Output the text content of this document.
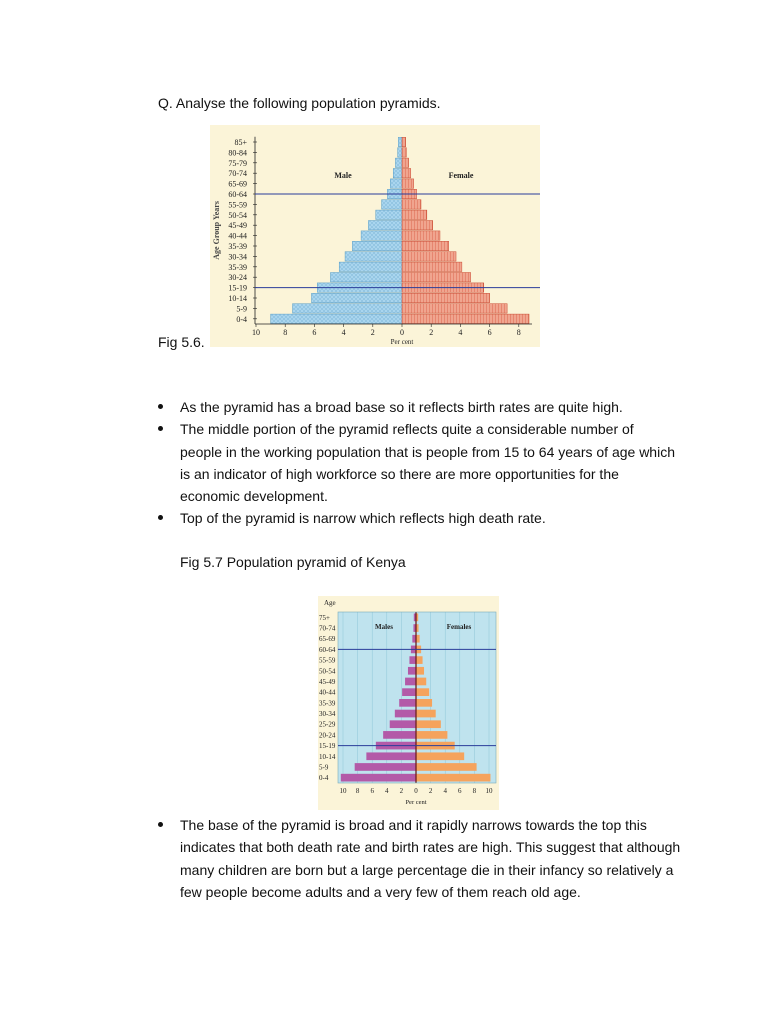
Q. Analyse the following population pyramids.
0-4
5-9
10-14
15-19
30-24
35-39
30-34
35-39
40-44
45-49
50-54
55-59
60-64
65-69
70-74
75-79
80-84
85+
10	8	6	4	2	0	2	4	6	8
Per cent
Age Group Years
Male	Female
Fig 5.6.
As the pyramid has a broad base so it reflects birth rates are quite high.
The middle portion of the pyramid reflects quite a considerable number of people in the working population that is people from 15 to 64 years of age which is an indicator of high workforce so there are more opportunities for the economic development.
Top of the pyramid is narrow which reflects high death rate.
Fig 5.7 Population pyramid of Kenya
0-4
5-9
10-14
15-19
20-24
25-29
30-34
35-39
40-44
45-49
50-54
55-59
60-64
65-69
70-74
75+
Age
Males	Females
10 8 6 4 2 0 2 4 6 8 10
Per cent
The base of the pyramid is broad and it rapidly narrows towards the top this indicates that both death rate and birth rates are high. This suggest that although many children are born but a large percentage die in their infancy so relatively a few people become adults and a very few of them reach old age.
